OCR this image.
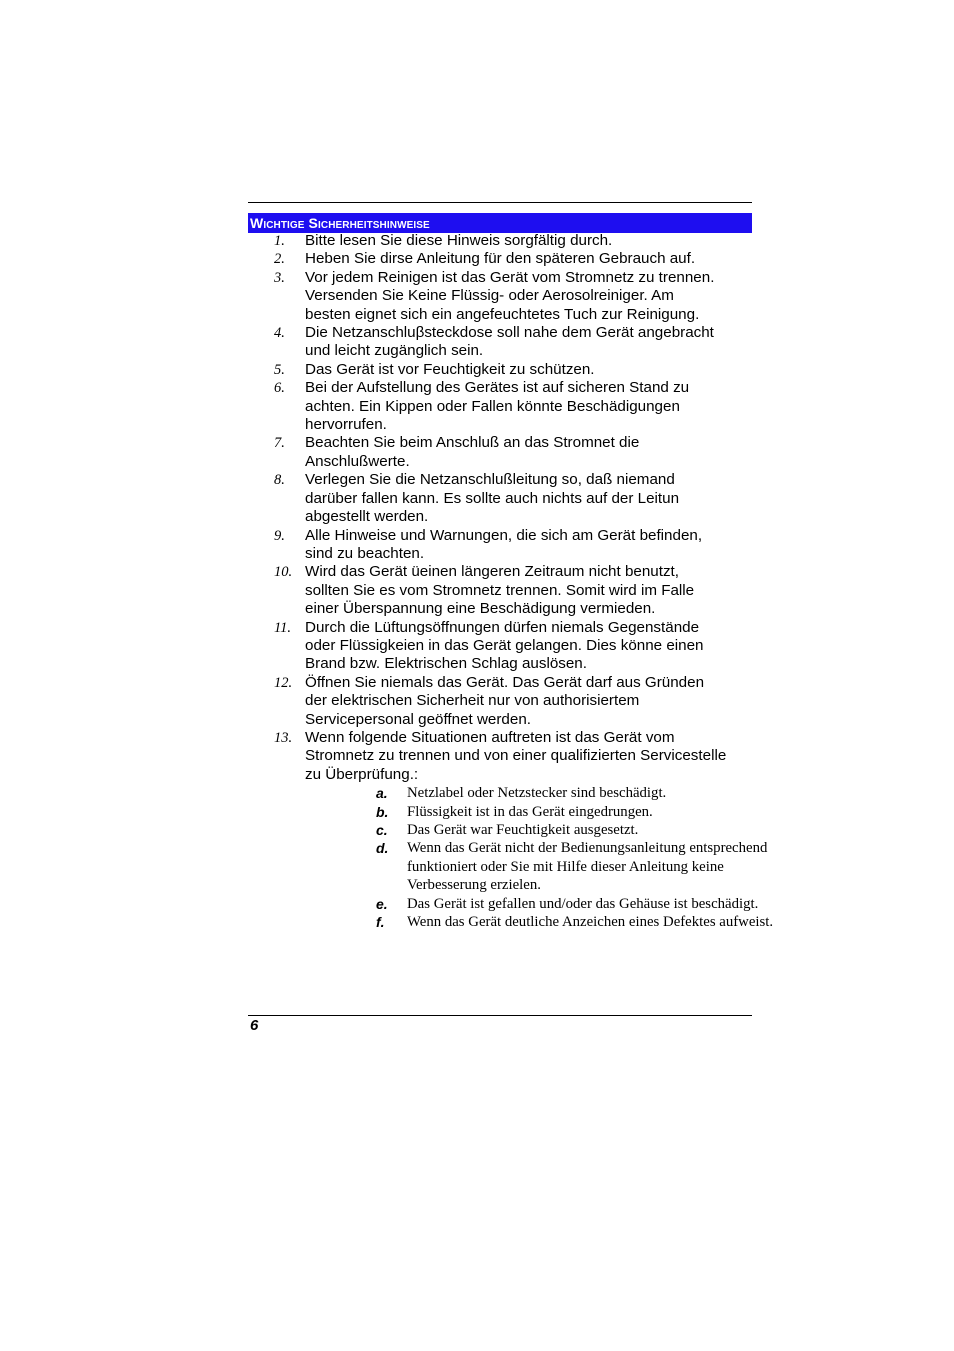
Wichtige Sicherheitshinweise
1. Bitte lesen Sie diese Hinweis sorgfältig durch.
2. Heben Sie dirse Anleitung für den späteren Gebrauch auf.
3. Vor jedem Reinigen ist das Gerät vom Stromnetz zu trennen.
Versenden Sie Keine Flüssig- oder Aerosolreiniger. Am
besten eignet sich ein angefeuchtetes Tuch zur Reinigung.
4. Die Netzanschluβsteckdose soll nahe dem Gerät angebracht
und leicht zugänglich sein.
5. Das Gerät ist vor Feuchtigkeit zu schützen.
6. Bei der Aufstellung des Gerätes ist auf sicheren Stand zu
achten. Ein Kippen oder Fallen könnte Beschädigungen
hervorrufen.
7. Beachten Sie beim Anschluß an das Stromnet die
Anschlußwerte.
8. Verlegen Sie die Netzanschlußleitung so, daß niemand
darüber fallen kann. Es sollte auch nichts auf der Leitun
abgestellt werden.
9. Alle Hinweise und Warnungen, die sich am Gerät befinden,
sind zu beachten.
10. Wird das Gerät üeinen längeren Zeitraum nicht benutzt,
sollten Sie es vom Stromnetz trennen. Somit wird im Falle
einer Überspannung eine Beschädigung vermieden.
11. Durch die Lüftungsöffnungen dürfen niemals Gegenstände
oder Flüssigkeien in das Gerät gelangen. Dies könne einen
Brand bzw. Elektrischen Schlag auslösen.
12. Öffnen Sie niemals das Gerät. Das Gerät darf aus Gründen
der elektrischen Sicherheit nur von authorisiertem
Servicepersonal geöffnet werden.
13. Wenn folgende Situationen auftreten ist das Gerät vom
Stromnetz zu trennen und von einer qualifizierten Servicestelle
zu Überprüfung.:
a. Netzlabel oder Netzstecker sind beschädigt.
b. Flüssigkeit ist in das Gerät eingedrungen.
c. Das Gerät war Feuchtigkeit ausgesetzt.
d. Wenn das Gerät nicht der Bedienungsanleitung entsprechend
funktioniert oder Sie mit Hilfe dieser Anleitung keine
Verbesserung erzielen.
e. Das Gerät ist gefallen und/oder das Gehäuse ist beschädigt.
f. Wenn das Gerät deutliche Anzeichen eines Defektes aufweist.
6
